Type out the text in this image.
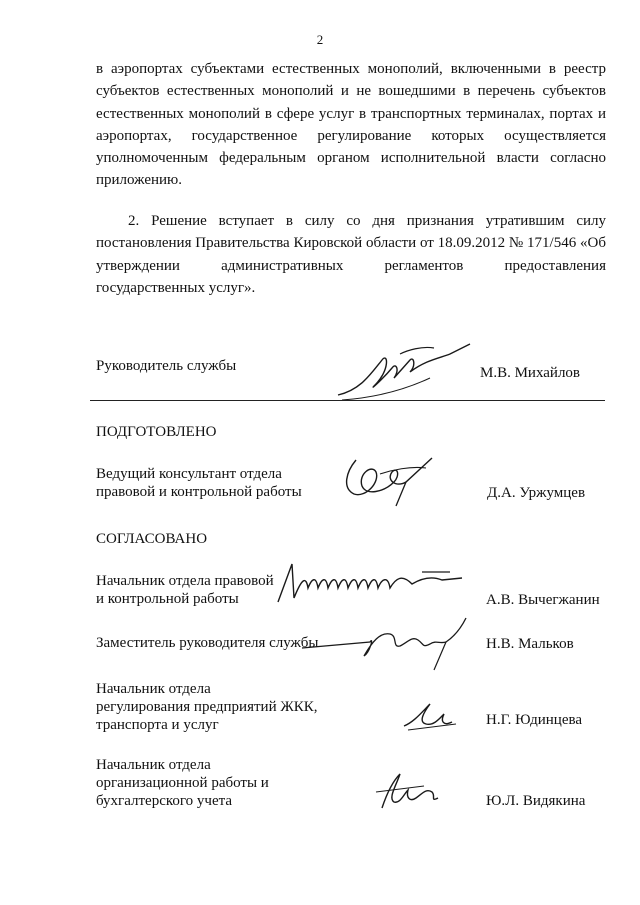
2
в аэропортах субъектами естественных монополий, включенными в реестр субъектов естественных монополий и не вошедшими в перечень субъектов естественных монополий в сфере услуг в транспортных терминалах, портах и аэропортах, государственное регулирование которых осуществляется уполномоченным федеральным органом исполнительной власти согласно приложению.
2. Решение вступает в силу со дня признания утратившим силу постановления Правительства Кировской области от 18.09.2012 № 171/546 «Об утверждении административных регламентов предоставления государственных услуг».
Руководитель службы	М.В. Михайлов
ПОДГОТОВЛЕНО
Ведущий консультант отдела
правовой и контрольной работы	Д.А. Уржумцев
СОГЛАСОВАНО
Начальник отдела правовой
и контрольной работы	А.В. Вычегжанин
Заместитель руководителя службы	Н.В. Мальков
Начальник отдела
регулирования предприятий ЖКК,
транспорта и услуг	Н.Г. Юдинцева
Начальник отдела
организационной работы и
бухгалтерского учета	Ю.Л. Видякина
